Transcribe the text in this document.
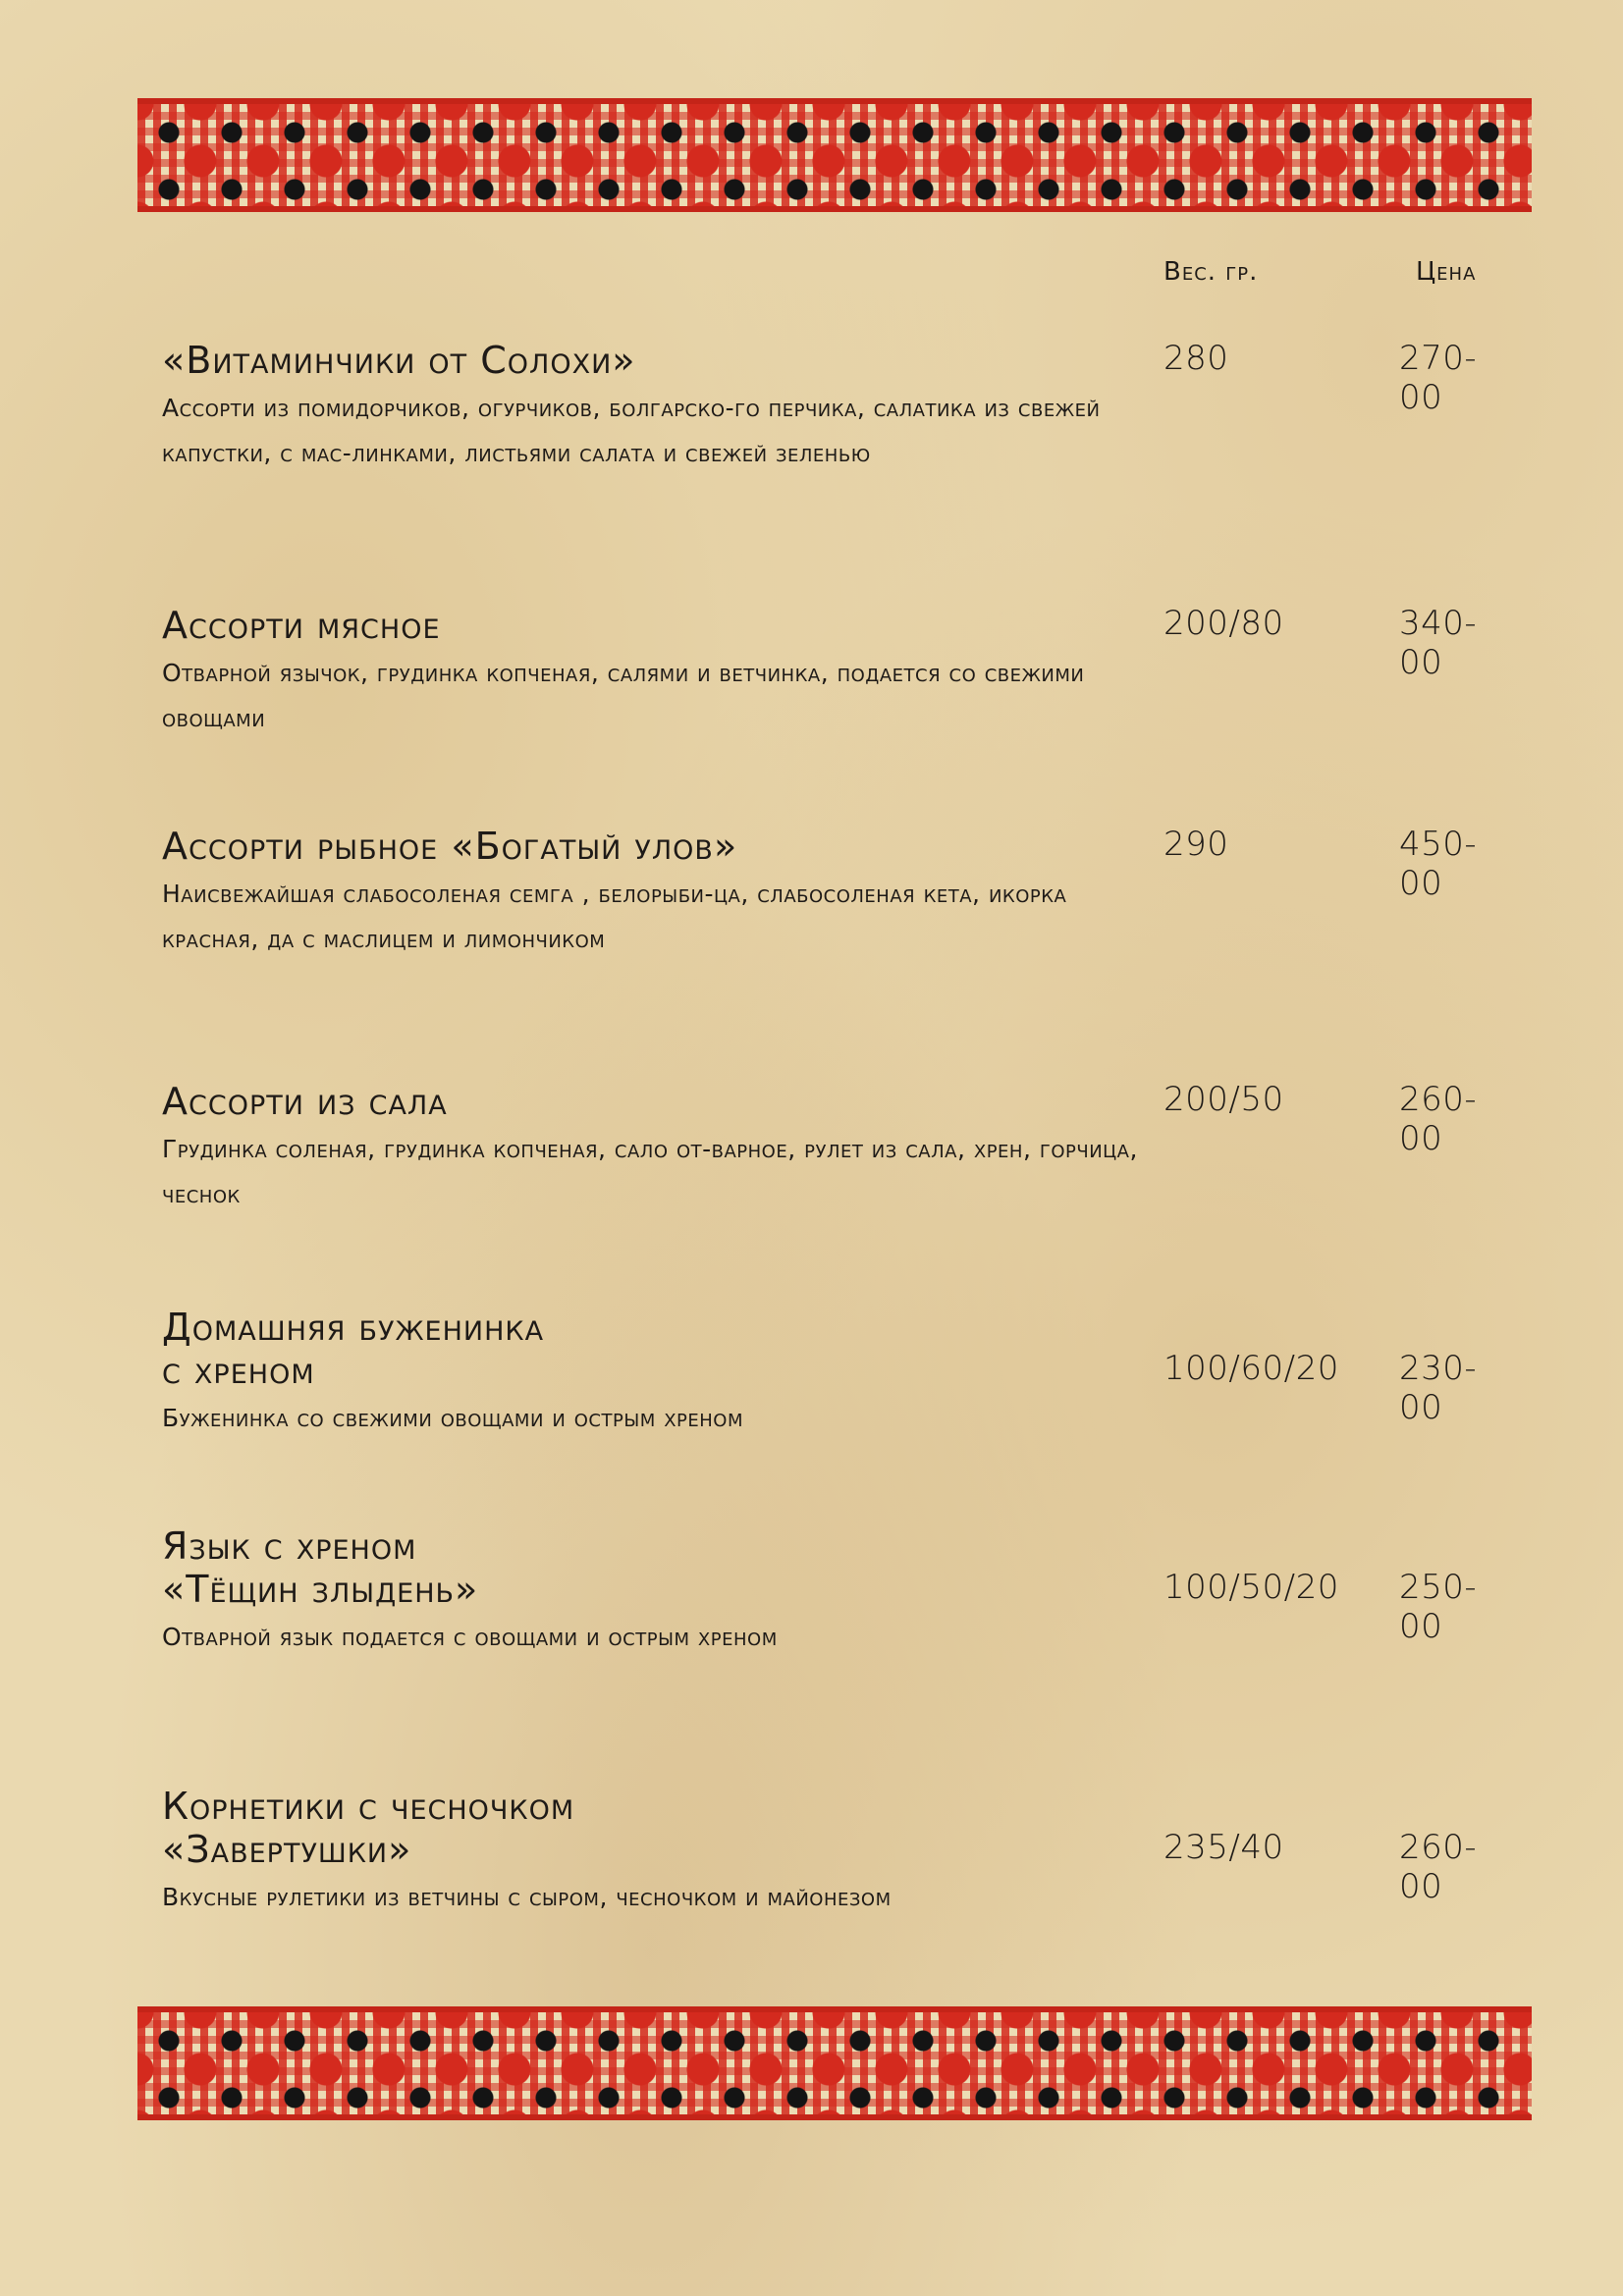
Вес. гр.	Цена

«Витаминчики от Солохи»

Ассорти из помидорчиков, огурчиков, болгарско-го перчика, салатика из свежей капустки, с мас-линками, листьями салата и свежей зеленью

280	270-00

Ассорти мясное

Отварной язычок, грудинка копченая, салями и ветчинка, подается со свежими овощами

200/80	340-00

Ассорти рыбное «Богатый улов»

Наисвежайшая слабосоленая семга , белорыби-ца, слабосоленая кета, икорка красная, да с маслицем и лимончиком

290	450-00

Ассорти из сала

Грудинка соленая, грудинка копченая, сало от-варное, рулет из сала, хрен, горчица, чеснок

200/50	260-00

Домашняя буженинка
с хреном

Буженинка со свежими овощами и острым хреном

100/60/20 230-00

Язык с хреном
«Тёщин злыдень»

Отварной язык подается с овощами и острым хреном

100/50/20 250-00

Корнетики с чесночком
«Завертушки»

Вкусные рулетики из ветчины с сыром, чесночком и майонезом

235/40	260-00
